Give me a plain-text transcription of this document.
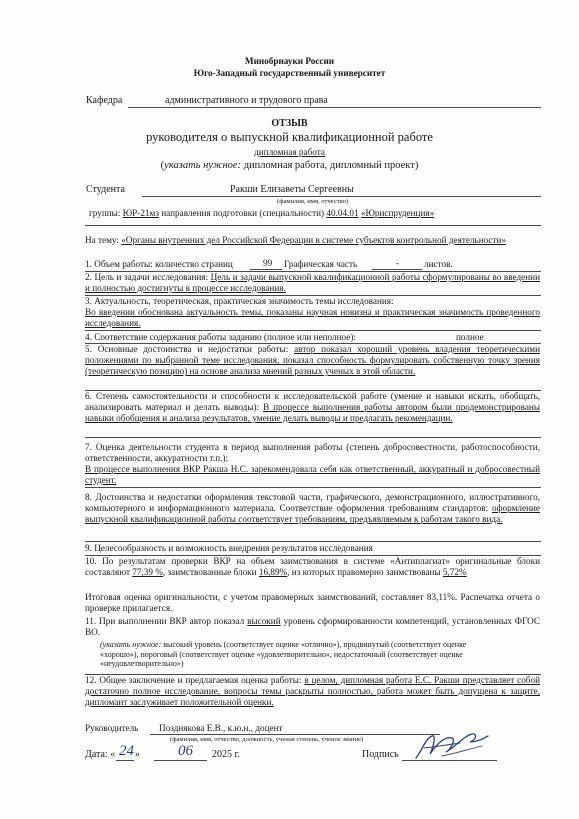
Минобрнауки России
Юго-Западный государственный университет
Кафедра	административного и трудового права
ОТЗЫВ
руководителя о выпускной квалификационной работе
дипломная работа
(указать нужное: дипломная работа, дипломный проект)
Студента	Ракши Елизаветы Сергеевны
(фамилия, имя, отчество)
группы: ЮР-21мз направления подготовки (специальности) 40.04.01 «Юриспруденция»
На тему: «Органы внутренних дел Российской Федерации в системе субъектов контрольной деятельности»
1. Объем работы: количество страниц	99 Графическая часть	-	листов.
2. Цель и задачи исследования: Цель и задачи выпускной квалификационной работы сформулированы во введении и полностью достигнуты в процессе исследования.
3. Актуальность, теоретическая, практическая значимость темы исследования:
Во введении обоснована актуальность темы, показаны научная новизна и практическая значимость проведенного исследования.
4. Соответствие содержания работы заданию (полное или неполное):	полное
5. Основные достоинства и недостатки работы: автор показал хороший уровень владения теоретическими положениями по выбранной теме исследования, показал способность формулировать собственную точку зрения (теоретическую позицию) на основе анализа мнений разных ученых в этой области.
6. Степень самостоятельности и способности к исследовательской работе (умение и навыки искать, обобщать, анализировать материал и делать выводы): В процессе выполнения работы автором были продемонстрированы навыки обобщения и анализа результатов, умение делать выводы и предлагать рекомендации.
7. Оценка деятельности студента в период выполнения работы (степень добросовестности, работоспособности, ответственности, аккуратности т.п.):
В процессе выполнения ВКР Ракша Н.С. зарекомендовала себя как ответственный, аккуратный и добросовестный студент.
8. Достоинства и недостатки оформления текстовой части, графического, демонстрационного, иллюстративного, компьютерного и информационного материала. Соответствие оформления требованиям стандартов: оформление выпускной квалификационной работы соответствует требованиям, предъявляемым к работам такого вида.
9. Целесообразность и возможность внедрения результатов исследования
10. По результатам проверки ВКР на объем заимствования в системе «Антиплагиат» оригинальные блоки составляют 77,39 %, заимствованные блоки 16,89%, из которых правомерно заимствованы 5,72%
Итоговая оценка оригинальности, с учетом правомерных заимствований, составляет 83,11%. Распечатка отчета о проверке прилагается.
11. При выполнении ВКР автор показал высокий уровень сформированности компетенций, установленных ФГОС ВО.
(указать нужное: высокий уровень (соответствует оценке «отлично»), продвинутый (соответствует оценке «хорошо»), пороговый (соответствует оценке «удовлетворительно», недостаточный (соответствует оценке «неудовлетворительно»)
12. Общее заключение и предлагаемая оценка работы: в целом, дипломная работа Е.С. Ракши представляет собой достаточно полное исследование, вопросы темы раскрыты полностью, работа может быть допущена к защите, дипломант заслуживает положительной оценки.
Руководитель Позднякова Е.В., к.ю.н., доцент
(фамилия, имя, отчество, должность, ученая степень, ученое звание)
Дата: « 24 »	06 2025 г.	Подпись
